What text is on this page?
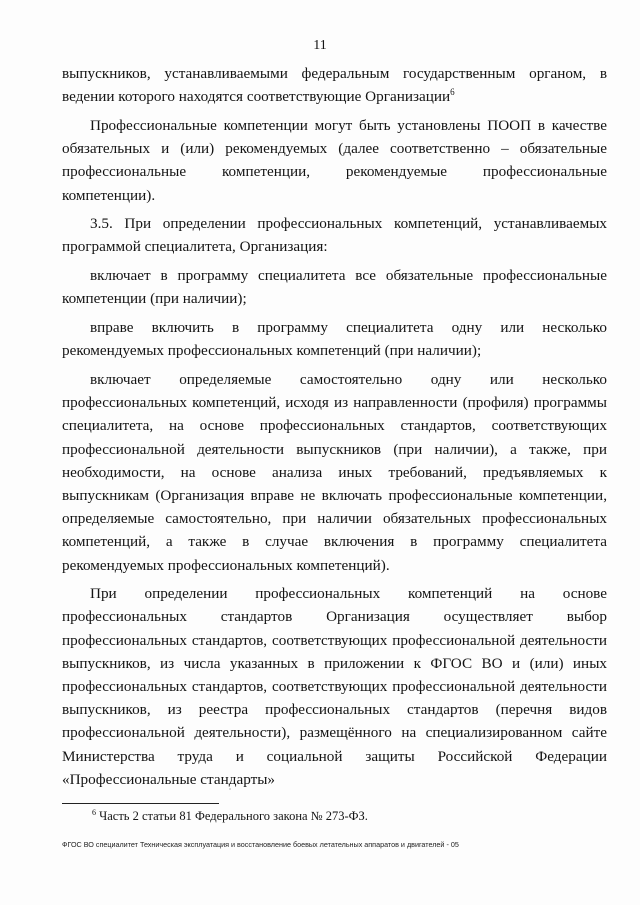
11

выпускников, устанавливаемыми федеральным государственным органом, в ведении которого находятся соответствующие Организации$^6$

Профессиональные компетенции могут быть установлены ПООП в качестве обязательных и (или) рекомендуемых (далее соответственно – обязательные профессиональные компетенции, рекомендуемые профессиональные компетенции).

3.5. При определении профессиональных компетенций, устанавливаемых программой специалитета, Организация:

включает в программу специалитета все обязательные профессиональные компетенции (при наличии);

вправе включить в программу специалитета одну или несколько рекомендуемых профессиональных компетенций (при наличии);

включает определяемые самостоятельно одну или несколько профессиональных компетенций, исходя из направленности (профиля) программы специалитета, на основе профессиональных стандартов, соответствующих профессиональной деятельности выпускников (при наличии), а также, при необходимости, на основе анализа иных требований, предъявляемых к выпускникам (Организация вправе не включать профессиональные компетенции, определяемые самостоятельно, при наличии обязательных профессиональных компетенций, а также в случае включения в программу специалитета рекомендуемых профессиональных компетенций).

При определении профессиональных компетенций на основе профессиональных стандартов Организация осуществляет выбор профессиональных стандартов, соответствующих профессиональной деятельности выпускников, из числа указанных в приложении к ФГОС ВО и (или) иных профессиональных стандартов, соответствующих профессиональной деятельности выпускников, из реестра профессиональных стандартов (перечня видов профессиональной деятельности), размещённого на специализированном сайте Министерства труда и социальной защиты Российской Федерации «Профессиональные стандарты»

$^6$ Часть 2 статьи 81 Федерального закона № 273-ФЗ.
ФГОС ВО специалитет Техническая эксплуатация и восстановление боевых летательных аппаратов и двигателей - 05
